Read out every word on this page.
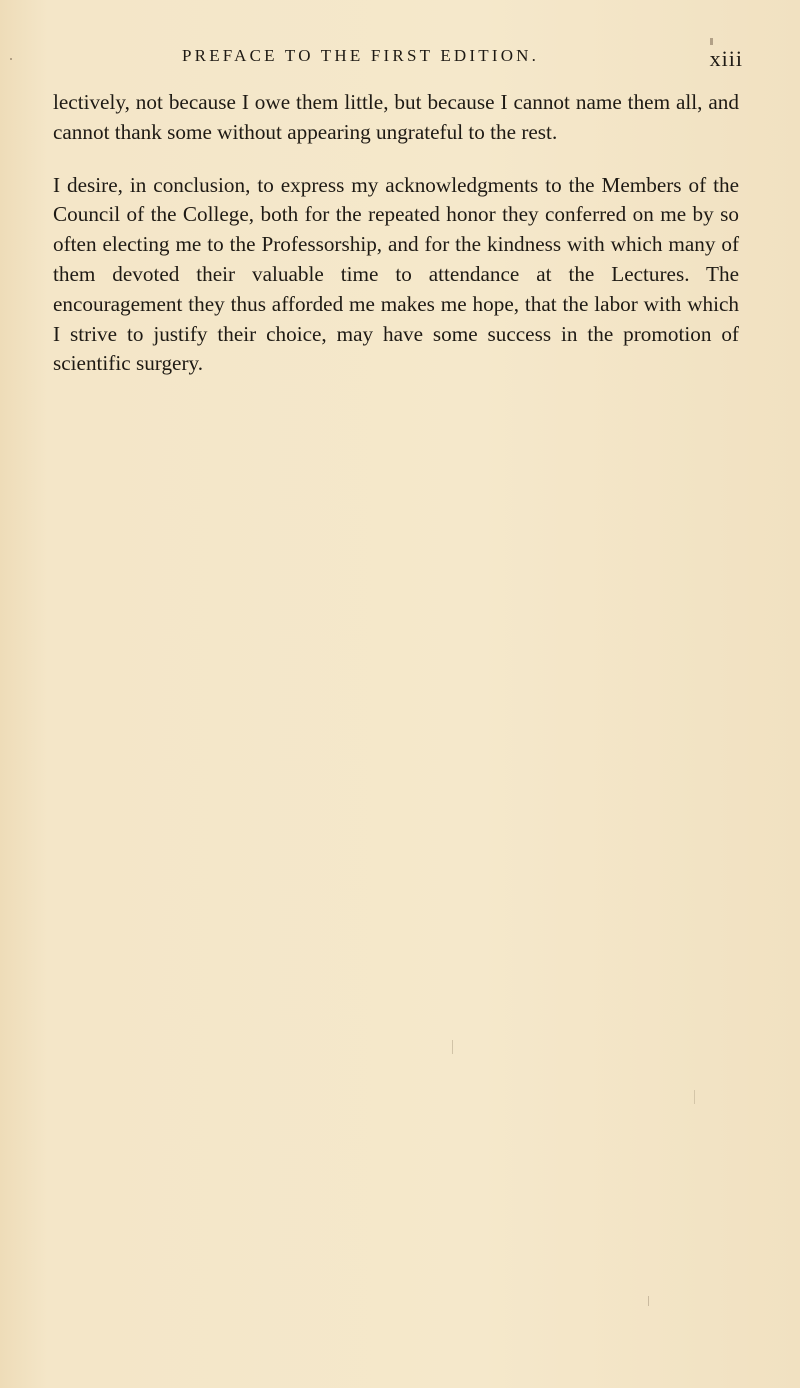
PREFACE TO THE FIRST EDITION.	xiii

lectively, not because I owe them little, but because I cannot name them all, and cannot thank some without appearing ungrateful to the rest.

I desire, in conclusion, to express my acknowledgments to the Members of the Council of the College, both for the repeated honor they conferred on me by so often electing me to the Professorship, and for the kindness with which many of them devoted their valuable time to attendance at the Lectures. The encouragement they thus afforded me makes me hope, that the labor with which I strive to justify their choice, may have some success in the promotion of scientific surgery.
